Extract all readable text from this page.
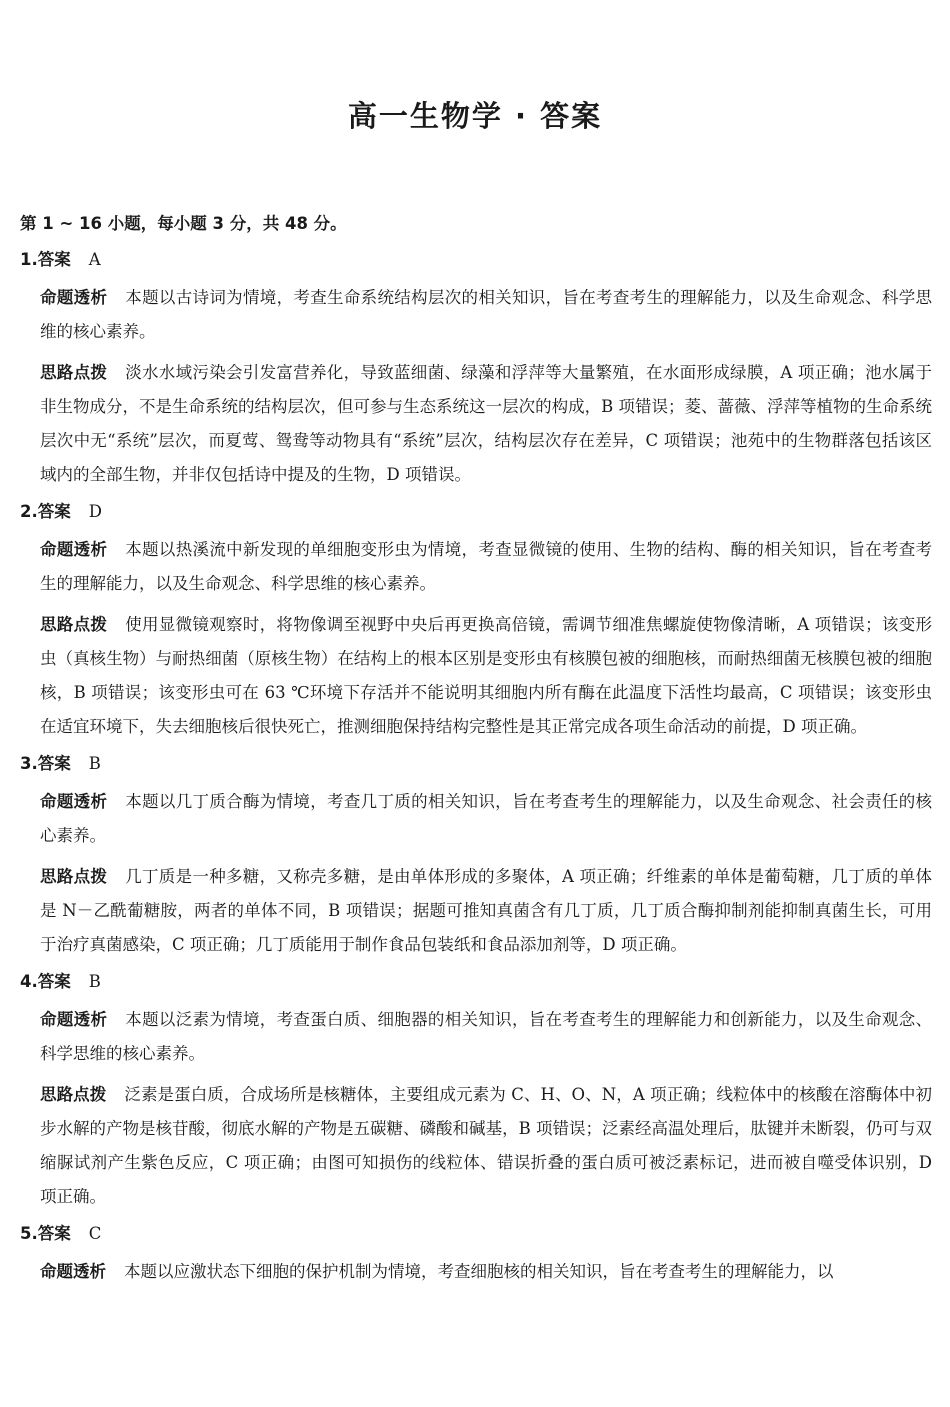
高一生物学 · 答案
第 1 ~ 16 小题，每小题 3 分，共 48 分。
1.答案 A

命题透析 本题以古诗词为情境，考查生命系统结构层次的相关知识，旨在考查考生的理解能力，以及生命观念、科学思维的核心素养。

思路点拨 淡水水域污染会引发富营养化，导致蓝细菌、绿藻和浮萍等大量繁殖，在水面形成绿膜，A 项正确；池水属于非生物成分，不是生命系统的结构层次，但可参与生态系统这一层次的构成，B 项错误；菱、蔷薇、浮萍等植物的生命系统层次中无“系统”层次，而夏莺、鸳鸯等动物具有“系统”层次，结构层次存在差异，C 项错误；池苑中的生物群落包括该区域内的全部生物，并非仅包括诗中提及的生物，D 项错误。

2.答案 D

命题透析 本题以热溪流中新发现的单细胞变形虫为情境，考查显微镜的使用、生物的结构、酶的相关知识，旨在考查考生的理解能力，以及生命观念、科学思维的核心素养。

思路点拨 使用显微镜观察时，将物像调至视野中央后再更换高倍镜，需调节细准焦螺旋使物像清晰，A 项错误；该变形虫（真核生物）与耐热细菌（原核生物）在结构上的根本区别是变形虫有核膜包被的细胞核，而耐热细菌无核膜包被的细胞核，B 项错误；该变形虫可在 63 ℃环境下存活并不能说明其细胞内所有酶在此温度下活性均最高，C 项错误；该变形虫在适宜环境下，失去细胞核后很快死亡，推测细胞保持结构完整性是其正常完成各项生命活动的前提，D 项正确。

3.答案 B

命题透析 本题以几丁质合酶为情境，考查几丁质的相关知识，旨在考查考生的理解能力，以及生命观念、社会责任的核心素养。

思路点拨 几丁质是一种多糖，又称壳多糖，是由单体形成的多聚体，A 项正确；纤维素的单体是葡萄糖，几丁质的单体是 N－乙酰葡糖胺，两者的单体不同，B 项错误；据题可推知真菌含有几丁质，几丁质合酶抑制剂能抑制真菌生长，可用于治疗真菌感染，C 项正确；几丁质能用于制作食品包装纸和食品添加剂等，D 项正确。

4.答案 B

命题透析 本题以泛素为情境，考查蛋白质、细胞器的相关知识，旨在考查考生的理解能力和创新能力，以及生命观念、科学思维的核心素养。

思路点拨 泛素是蛋白质，合成场所是核糖体，主要组成元素为 C、H、O、N，A 项正确；线粒体中的核酸在溶酶体中初步水解的产物是核苷酸，彻底水解的产物是五碳糖、磷酸和碱基，B 项错误；泛素经高温处理后，肽键并未断裂，仍可与双缩脲试剂产生紫色反应，C 项正确；由图可知损伤的线粒体、错误折叠的蛋白质可被泛素标记，进而被自噬受体识别，D 项正确。

5.答案 C

命题透析 本题以应激状态下细胞的保护机制为情境，考查细胞核的相关知识，旨在考查考生的理解能力，以
